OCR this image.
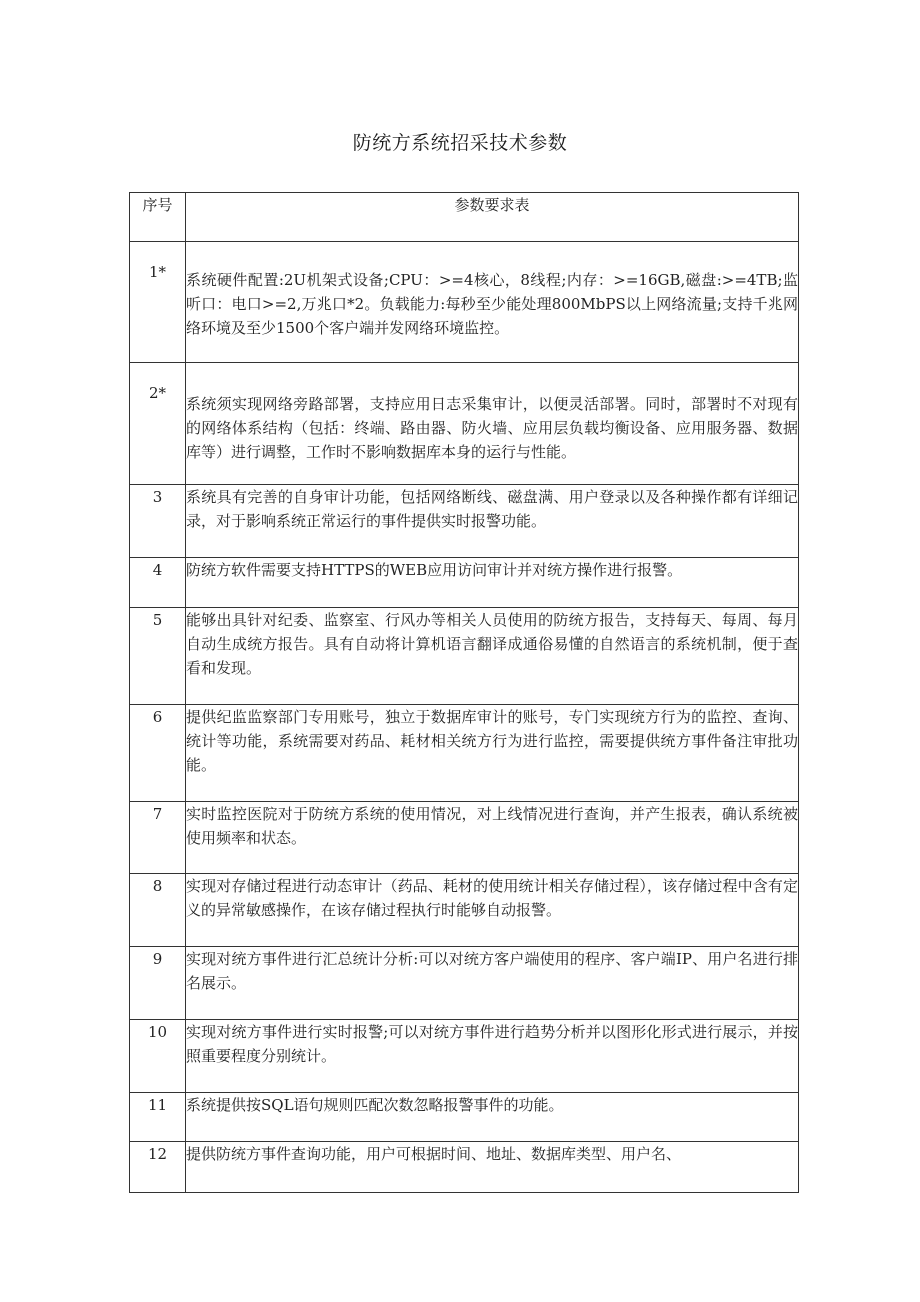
防统方系统招采技术参数
序号	参数要求表
1*	系统硬件配置:2U机架式设备;CPU：>=4核心，8线程;内存：>=16GB,磁盘:>=4TB;监听口：电口>=2,万兆口*2。负载能力:每秒至少能处理800MbPS以上网络流量;支持千兆网络环境及至少1500个客户端并发网络环境监控。
2*	系统须实现网络旁路部署，支持应用日志采集审计，以便灵活部署。同时，部署时不对现有的网络体系结构（包括：终端、路由器、防火墙、应用层负载均衡设备、应用服务器、数据库等）进行调整，工作时不影响数据库本身的运行与性能。
3	系统具有完善的自身审计功能，包括网络断线、磁盘满、用户登录以及各种操作都有详细记录，对于影响系统正常运行的事件提供实时报警功能。
4	防统方软件需要支持HTTPS的WEB应用访问审计并对统方操作进行报警。
5	能够出具针对纪委、监察室、行风办等相关人员使用的防统方报告，支持每天、每周、每月自动生成统方报告。具有自动将计算机语言翻译成通俗易懂的自然语言的系统机制，便于查看和发现。
6	提供纪监监察部门专用账号，独立于数据库审计的账号，专门实现统方行为的监控、查询、统计等功能，系统需要对药品、耗材相关统方行为进行监控，需要提供统方事件备注审批功能。
7	实时监控医院对于防统方系统的使用情况，对上线情况进行查询，并产生报表，确认系统被使用频率和状态。
8	实现对存储过程进行动态审计（药品、耗材的使用统计相关存储过程），该存储过程中含有定义的异常敏感操作，在该存储过程执行时能够自动报警。
9	实现对统方事件进行汇总统计分析:可以对统方客户端使用的程序、客户端IP、用户名进行排名展示。
10	实现对统方事件进行实时报警;可以对统方事件进行趋势分析并以图形化形式进行展示，并按照重要程度分别统计。
11	系统提供按SQL语句规则匹配次数忽略报警事件的功能。
12	提供防统方事件查询功能，用户可根据时间、地址、数据库类型、用户名、
